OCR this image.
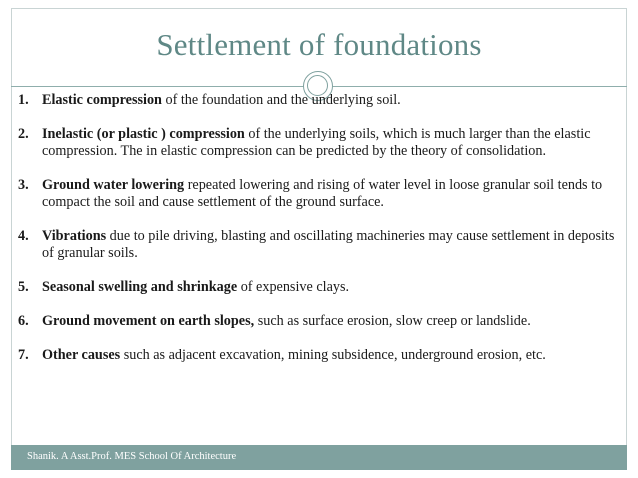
Settlement of foundations
1. Elastic compression of the foundation and the underlying soil.
2. Inelastic (or plastic ) compression of the underlying soils, which is much larger than the elastic compression. The in elastic compression can be predicted by the theory of consolidation.
3. Ground water lowering repeated lowering and rising of water level in loose granular soil tends to compact the soil and cause settlement of the ground surface.
4. Vibrations due to pile driving, blasting and oscillating machineries may cause settlement in deposits of granular soils.
5. Seasonal swelling and shrinkage of expensive clays.
6. Ground movement on earth slopes, such as surface erosion, slow creep or landslide.
7. Other causes such as adjacent excavation, mining subsidence, underground erosion, etc.
Shanik. A Asst.Prof. MES School Of Architecture
